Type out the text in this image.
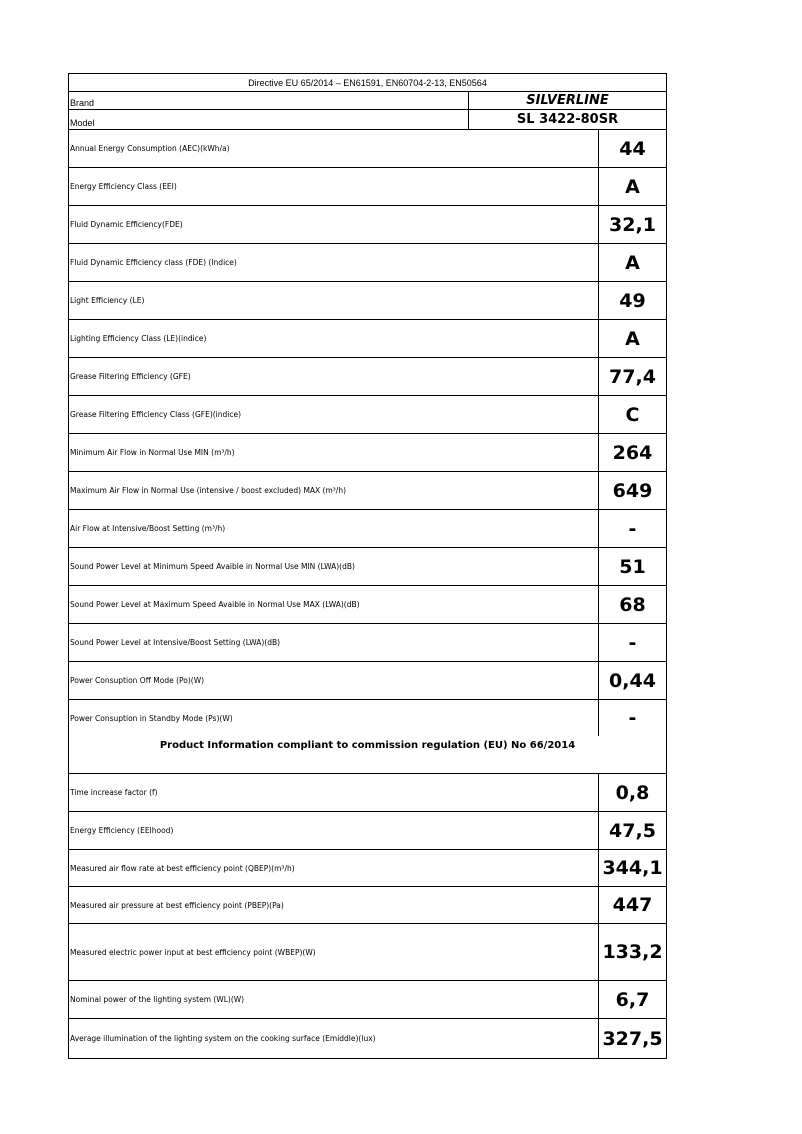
Directive EU 65/2014 – EN61591, EN60704-2-13, EN50564
Brand	SILVERLINE
Model	SL 3422-80SR
Annual Energy Consumption (AEC)(kWh/a)	44
Energy Efficiency Class (EEI)	A
Fluid Dynamic Efficiency(FDE)	32,1
Fluid Dynamic Efficiency class (FDE) (Indice)	A
Light Efficiency (LE)	49
Lighting Efficiency Class (LE)(indice)	A
Grease Filtering Efficiency (GFE)	77,4
Grease Filtering Efficiency Class (GFE)(indice)	C
Minimum Air Flow in Normal Use MIN (m³/h)	264
Maximum Air Flow in Normal Use (intensive / boost excluded) MAX (m³/h)	649
Air Flow at Intensive/Boost Setting (m³/h)	-
Sound Power Level at Minimum Speed Avaible in Normal Use MIN (LWA)(dB)	51
Sound Power Level at Maximum Speed Avaible in Normal Use MAX (LWA)(dB)	68
Sound Power Level at Intensive/Boost Setting (LWA)(dB)	-
Power Consuption Off Mode (Po)(W)	0,44
Power Consuption in Standby Mode (Ps)(W)	-
Product Information compliant to commission regulation (EU) No 66/2014
Time increase factor (f)	0,8
Energy Efficiency (EEIhood)	47,5
Measured air flow rate at best efficiency point (QBEP)(m³/h)	344,1
Measured air pressure at best efficiency point (PBEP)(Pa)	447
Measured electric power input at best efficiency point (WBEP)(W)	133,2
Nominal power of the lighting system (WL)(W)	6,7
Average illumination of the lighting system on the cooking surface (Emiddle)(lux)	327,5
